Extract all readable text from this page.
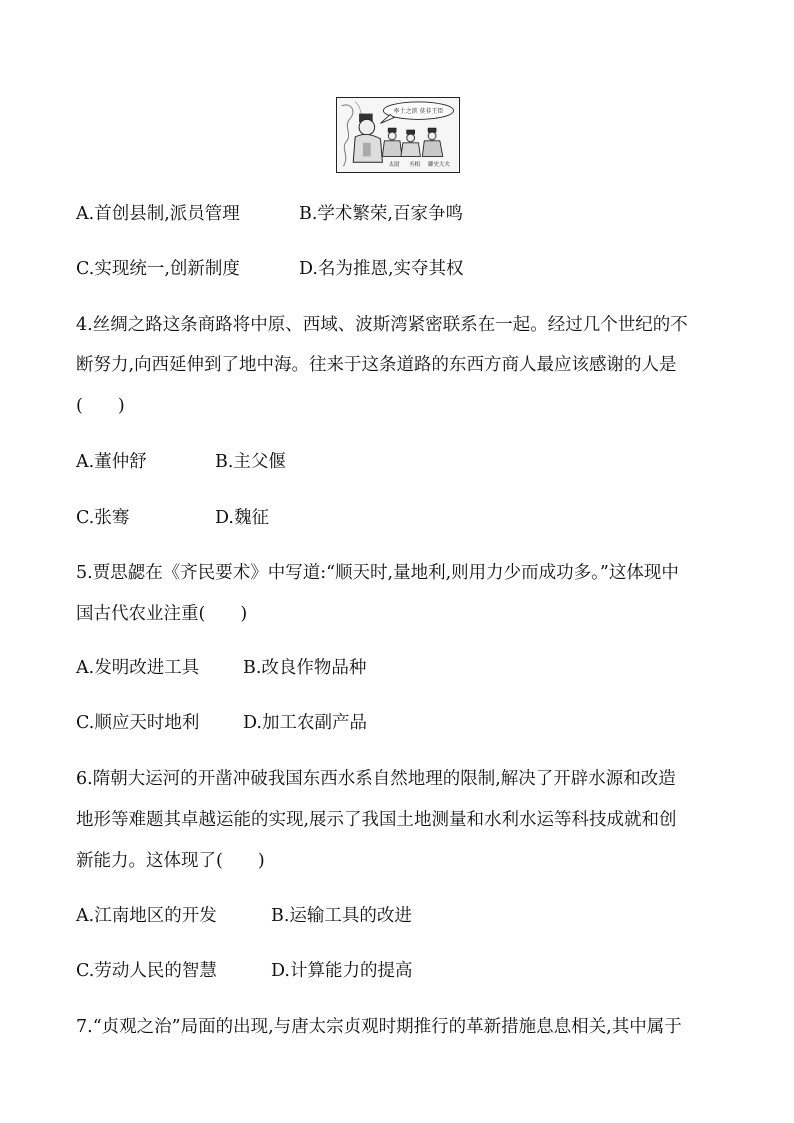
率土之滨 莫非王臣
太尉 丞相 御史大夫
A.首创县制,派员管理	B.学术繁荣,百家争鸣
C.实现统一,创新制度	D.名为推恩,实夺其权
4.丝绸之路这条商路将中原、西域、波斯湾紧密联系在一起。经过几个世纪的不
断努力,向西延伸到了地中海。往来于这条道路的东西方商人最应该感谢的人是
(　　)
A.董仲舒	B.主父偃
C.张骞	D.魏征
5.贾思勰在《齐民要术》中写道:“顺天时,量地利,则用力少而成功多。”这体现中
国古代农业注重(　　)
A.发明改进工具	B.改良作物品种
C.顺应天时地利 D.加工农副产品
6.隋朝大运河的开凿冲破我国东西水系自然地理的限制,解决了开辟水源和改造
地形等难题其卓越运能的实现,展示了我国土地测量和水利水运等科技成就和创
新能力。这体现了(　　)
A.江南地区的开发	B.运输工具的改进
C.劳动人民的智慧	D.计算能力的提高
7.“贞观之治”局面的出现,与唐太宗贞观时期推行的革新措施息息相关,其中属于
